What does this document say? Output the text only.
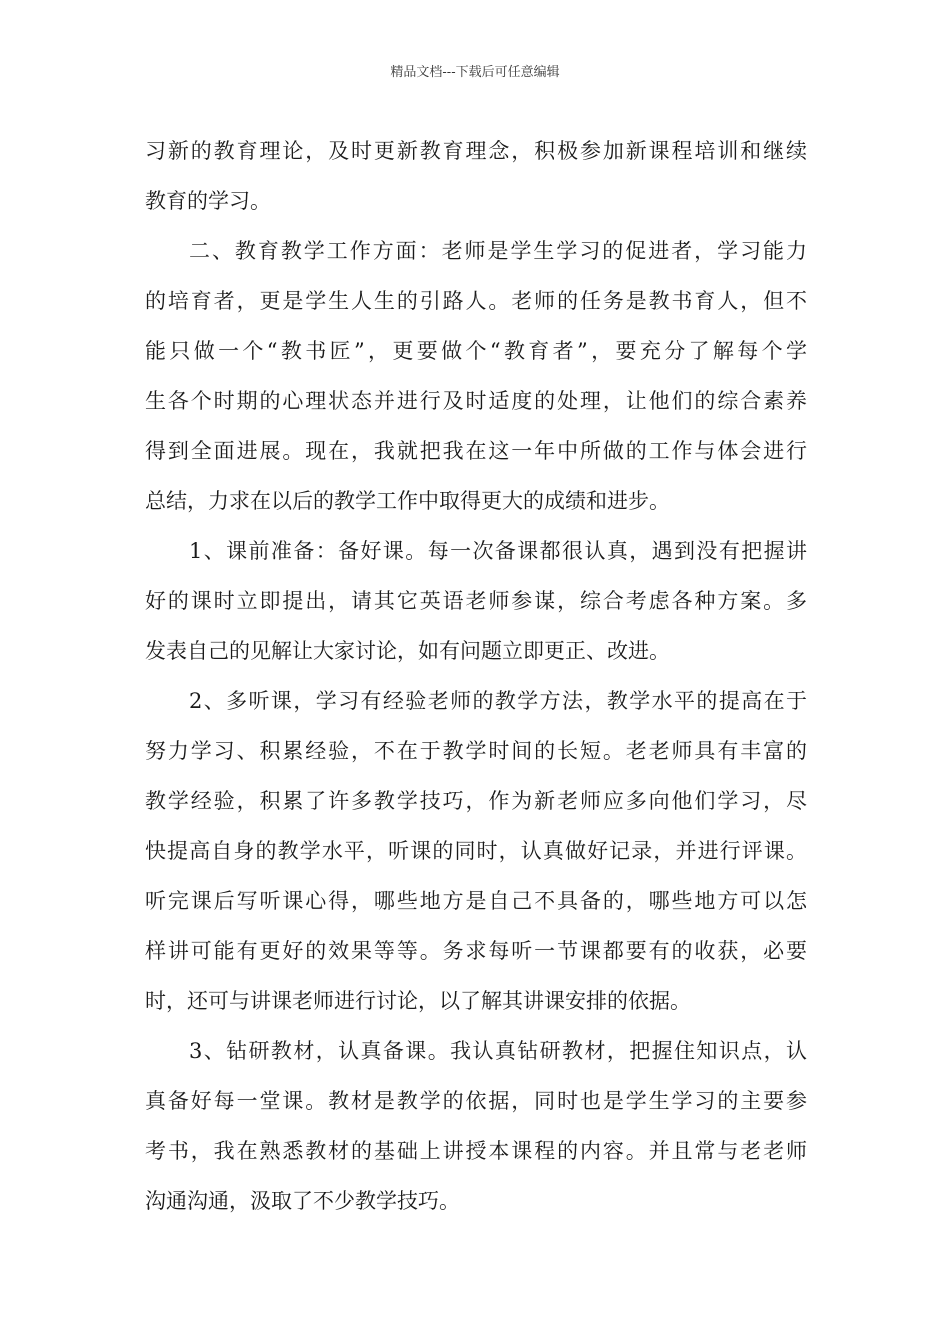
精品文档---下载后可任意编辑
习新的教育理论，及时更新教育理念，积极参加新课程培训和继续
教育的学习。
二、教育教学工作方面：老师是学生学习的促进者，学习能力
的培育者，更是学生人生的引路人。老师的任务是教书育人，但不
能只做一个“教书匠”，更要做个“教育者”，要充分了解每个学
生各个时期的心理状态并进行及时适度的处理，让他们的综合素养
得到全面进展。现在，我就把我在这一年中所做的工作与体会进行
总结，力求在以后的教学工作中取得更大的成绩和进步。
1、课前准备：备好课。每一次备课都很认真，遇到没有把握讲
好的课时立即提出，请其它英语老师参谋，综合考虑各种方案。多
发表自己的见解让大家讨论，如有问题立即更正、改进。
2、多听课，学习有经验老师的教学方法，教学水平的提高在于
努力学习、积累经验，不在于教学时间的长短。老老师具有丰富的
教学经验，积累了许多教学技巧，作为新老师应多向他们学习，尽
快提高自身的教学水平，听课的同时，认真做好记录，并进行评课。
听完课后写听课心得，哪些地方是自己不具备的，哪些地方可以怎
样讲可能有更好的效果等等。务求每听一节课都要有的收获，必要
时，还可与讲课老师进行讨论，以了解其讲课安排的依据。
3、钻研教材，认真备课。我认真钻研教材，把握住知识点，认
真备好每一堂课。教材是教学的依据，同时也是学生学习的主要参
考书，我在熟悉教材的基础上讲授本课程的内容。并且常与老老师
沟通沟通，汲取了不少教学技巧。
